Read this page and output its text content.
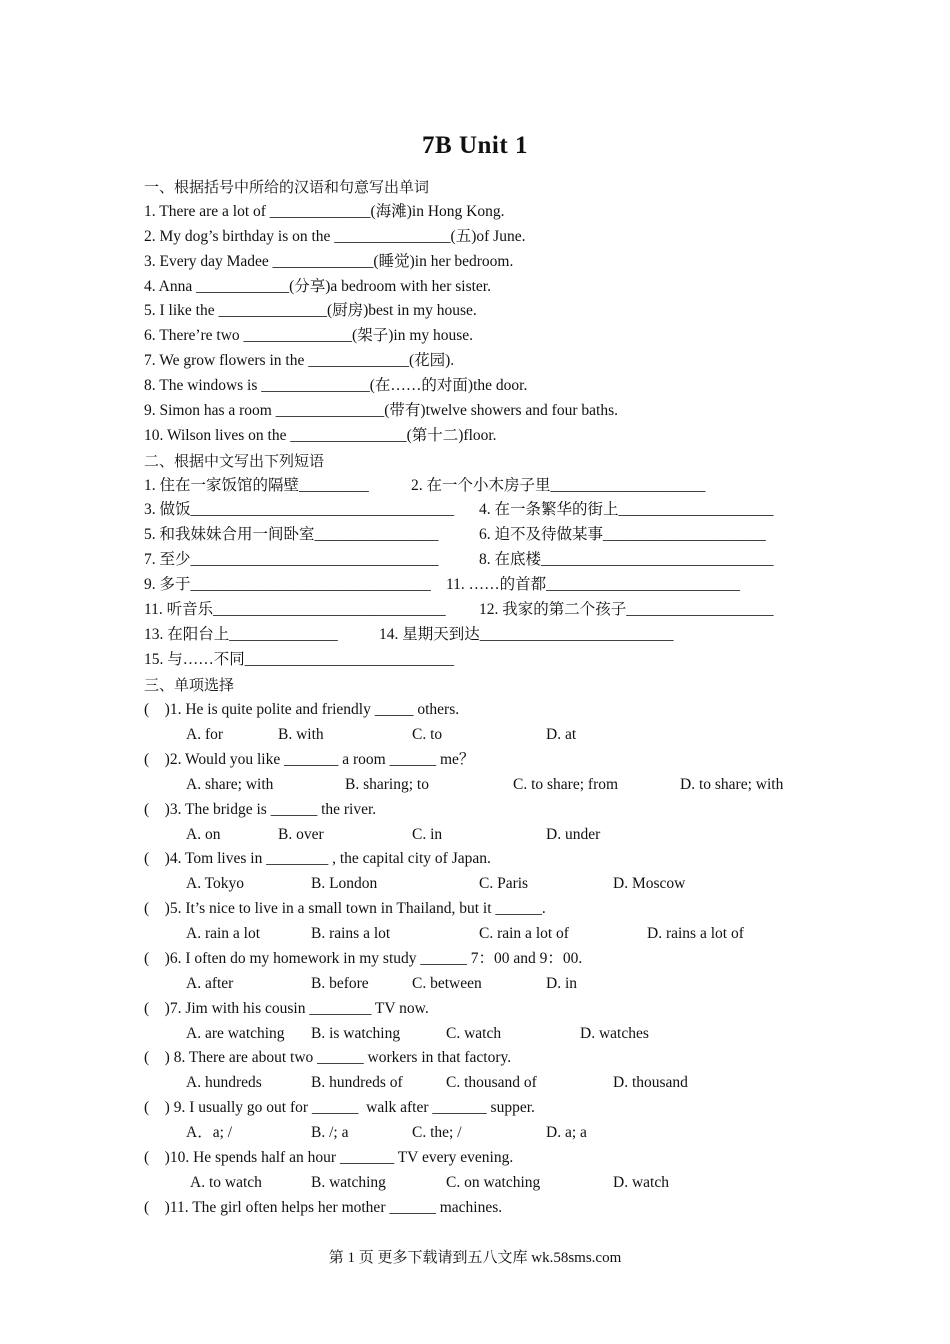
7B Unit 1
一、根据括号中所给的汉语和句意写出单词
1. There are a lot of _____________(海滩)in Hong Kong.
2. My dog’s birthday is on the _______________(五)of June.
3. Every day Madee _____________(睡觉)in her bedroom.
4. Anna ____________(分享)a bedroom with her sister.
5. I like the ______________(厨房)best in my house.
6. There’re two ______________(架子)in my house.
7. We grow flowers in the _____________(花园).
8. The windows is ______________(在……的对面)the door.
9. Simon has a room ______________(带有)twelve showers and four baths.
10. Wilson lives on the _______________(第十二)floor.
二、根据中文写出下列短语
1. 住在一家饭馆的隔壁_________	2. 在一个小木房子里____________________
3. 做饭__________________________________ 4. 在一条繁华的街上____________________
5. 和我妹妹合用一间卧室________________	6. 迫不及待做某事_____________________
7. 至少________________________________	8. 在底楼______________________________
9. 多于_______________________________ 11. ……的首都_________________________
11. 听音乐______________________________ 12. 我家的第二个孩子___________________
13. 在阳台上______________	14. 星期天到达_________________________
15. 与……不同___________________________
三、单项选择
(    )1. He is quite polite and friendly _____ others.
A. for	B. with	C. to	D. at
(    )2. Would you like _______ a room ______ me？
A. share; with	B. sharing; to	C. to share; from	D. to share; with
(    )3. The bridge is ______ the river.
A. on	B. over	C. in	D. under
(    )4. Tom lives in ________ , the capital city of Japan.
A. Tokyo	B. London	C. Paris	D. Moscow
(    )5. It’s nice to live in a small town in Thailand, but it ______.
A. rain a lot	B. rains a lot	C. rain a lot of	D. rains a lot of
(    )6. I often do my homework in my study ______ 7：00 and 9：00.
A. after	B. before	C. between	D. in
(    )7. Jim with his cousin ________ TV now.
A. are watching B. is watching	C. watch	D. watches
(    ) 8. There are about two ______ workers in that factory.
A. hundreds	B. hundreds of	C. thousand of	D. thousand
(    ) 9. I usually go out for ______  walk after _______ supper.
A．a; /	B. /; a	C. the; /	D. a; a
(    )10. He spends half an hour _______ TV every evening.
A. to watch	B. watching	C. on watching	D. watch
(    )11. The girl often helps her mother ______ machines.
第 1 页 更多下载请到五八文库 wk.58sms.com
